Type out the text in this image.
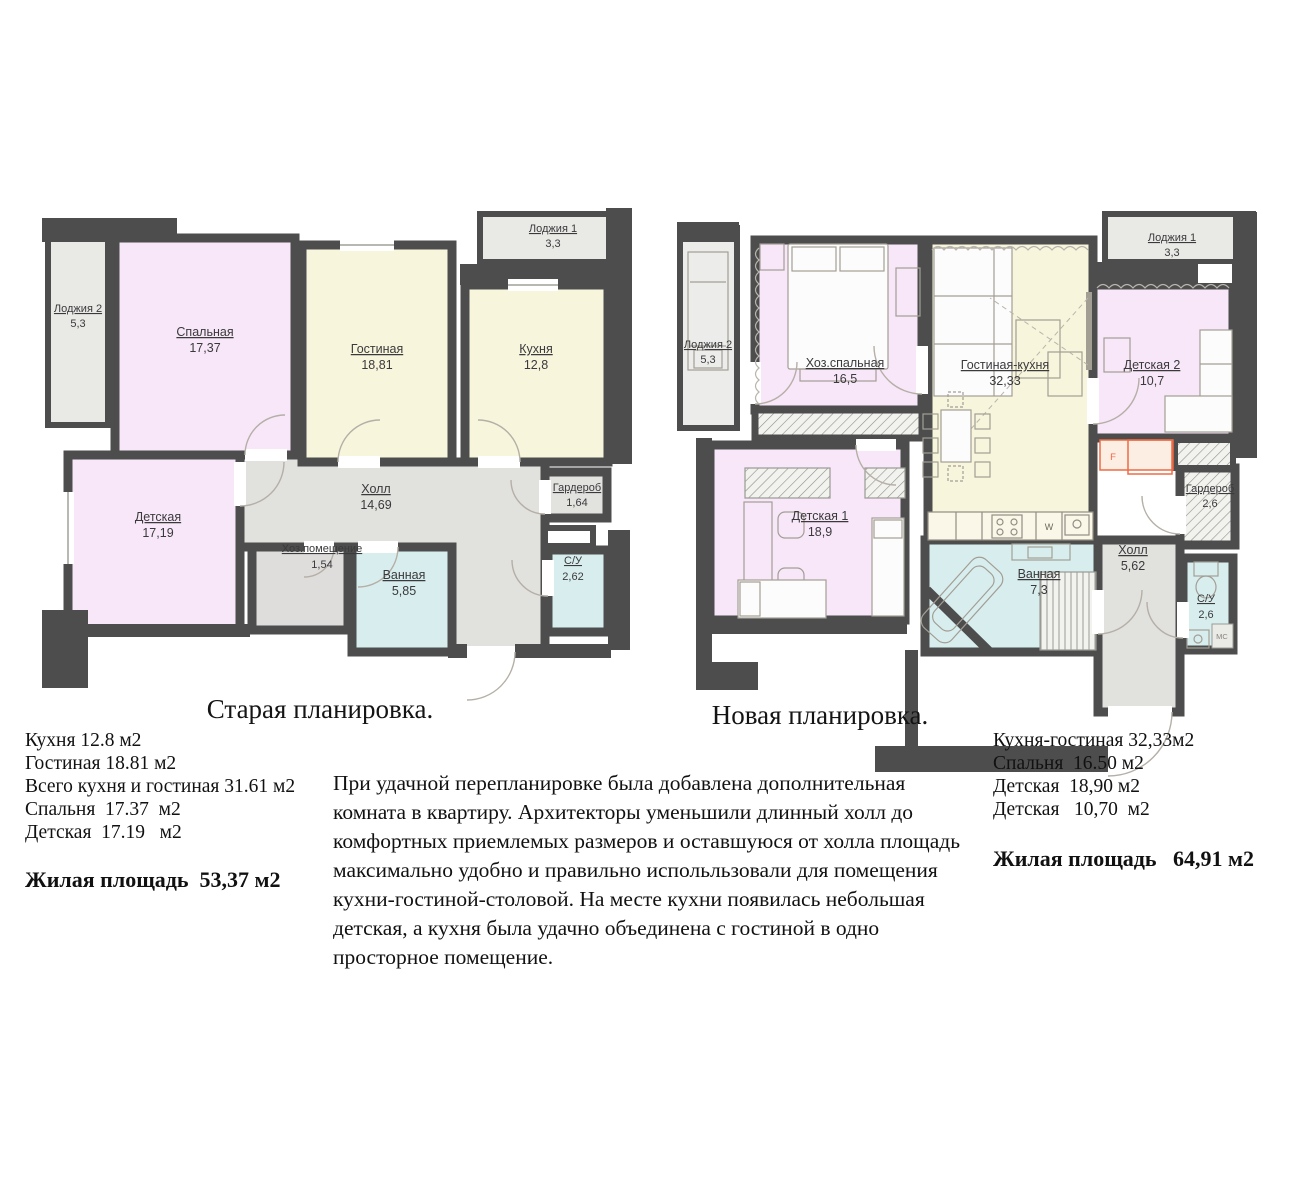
Лоджия 2
5,3
Спальная
17,37	Гостиная
18,81
Кухня
12,8
Лоджия 1
3,3
Детская
17,19
Холл
14,69
Гардероб
1,64
Хоз.помещение
1,54
Ванная
5,85
С/У
2,62
F
W
МС
Лоджия 2
5,3	Хоз.спальная
16,5
Гостиная-кухня
32,33
Лоджия 1
3,3
Детская 2
10,7
Детская 1
18,9
Ванная
7,3
Холл
5,62
Гардероб
2,6
С/У
2,6
Старая планировка.	Новая планировка.
Кухня 12.8 м2
Гостиная 18.81 м2
Всего кухня и гостиная 31.61 м2
Спальня  17.37  м2
Детская  17.19   м2
Жилая площадь  53,37 м2
При удачной перепланировке была добавлена дополнительная комната в квартиру. Архитекторы уменьшили длинный холл до комфортных приемлемых размеров и оставшуюся от холла площадь максимально удобно и правильно испольльзовали для помещения кухни-гостиной-столовой. На месте кухни появилась небольшая детская, а кухня была удачно объединена с гостиной в одно просторное помещение.
Кухня-гостиная 32,33м2
Спальня  16.50 м2
Детская  18,90 м2
Детская   10,70  м2
Жилая площадь   64,91 м2
